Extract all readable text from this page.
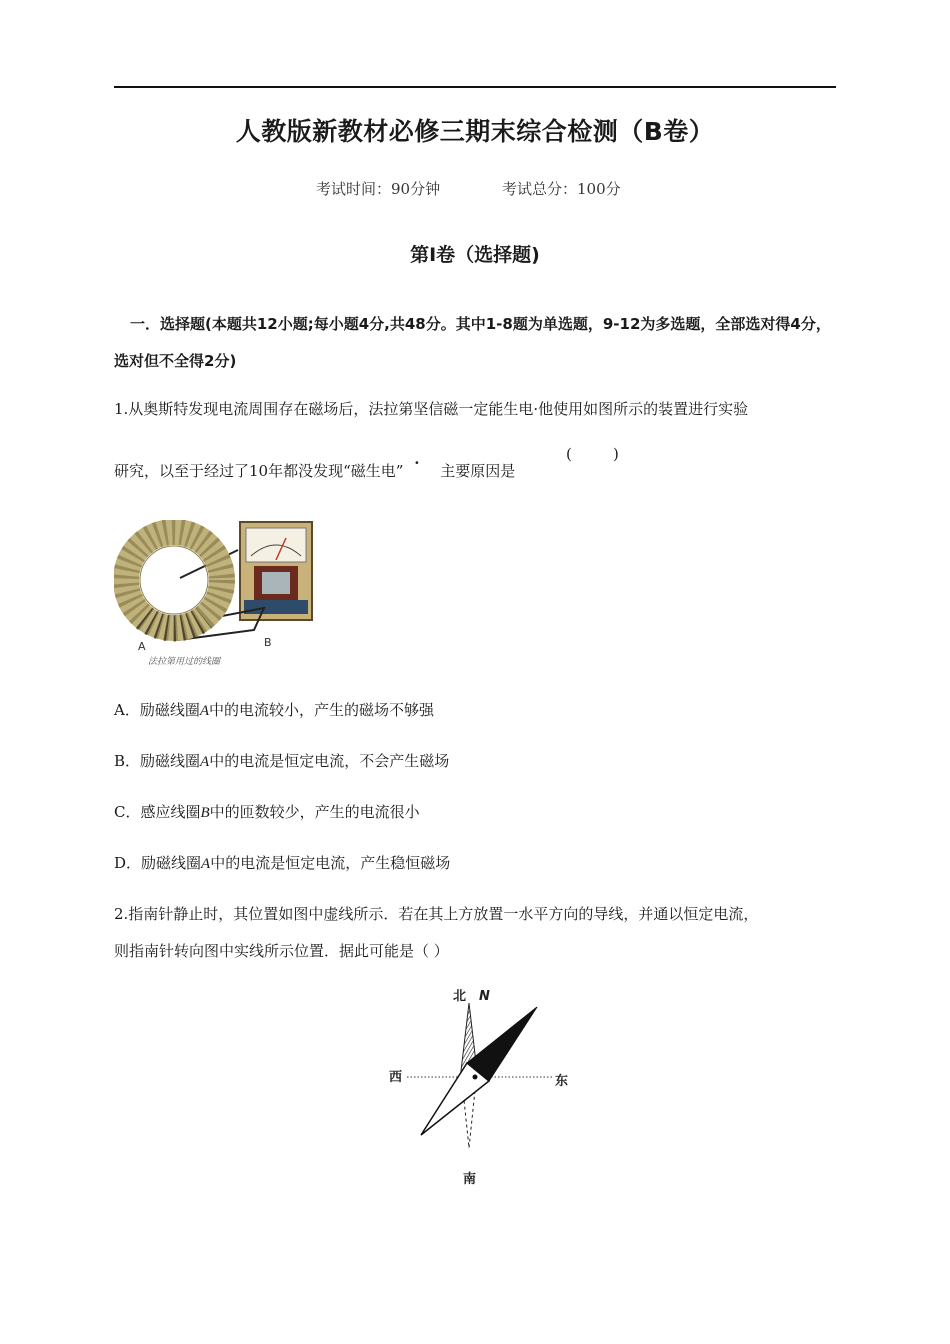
人教版新教材必修三期末综合检测（B卷）
考试时间：90分钟	考试总分：100分
第I卷（选择题)
一．选择题(本题共12小题;每小题4分,共48分。其中1-8题为单选题，9-12为多选题，全部选对得4分，选对但不全得2分)
1.从奥斯特发现电流周围存在磁场后，法拉第坚信磁一定能生电·他使用如图所示的装置进行实验
研究，以至于经过了10年都没发现“磁生电” · 主要原因是
(	)
A	B
法拉第用过的线圈
A．励磁线圈A中的电流较小，产生的磁场不够强
B．励磁线圈A中的电流是恒定电流，不会产生磁场
C．感应线圈B中的匝数较少，产生的电流很小
D．励磁线圈A中的电流是恒定电流，产生稳恒磁场
2.指南针静止时，其位置如图中虚线所示．若在其上方放置一水平方向的导线，并通以恒定电流，
则指南针转向图中实线所示位置．据此可能是（ ）
北 N
西	东
南
